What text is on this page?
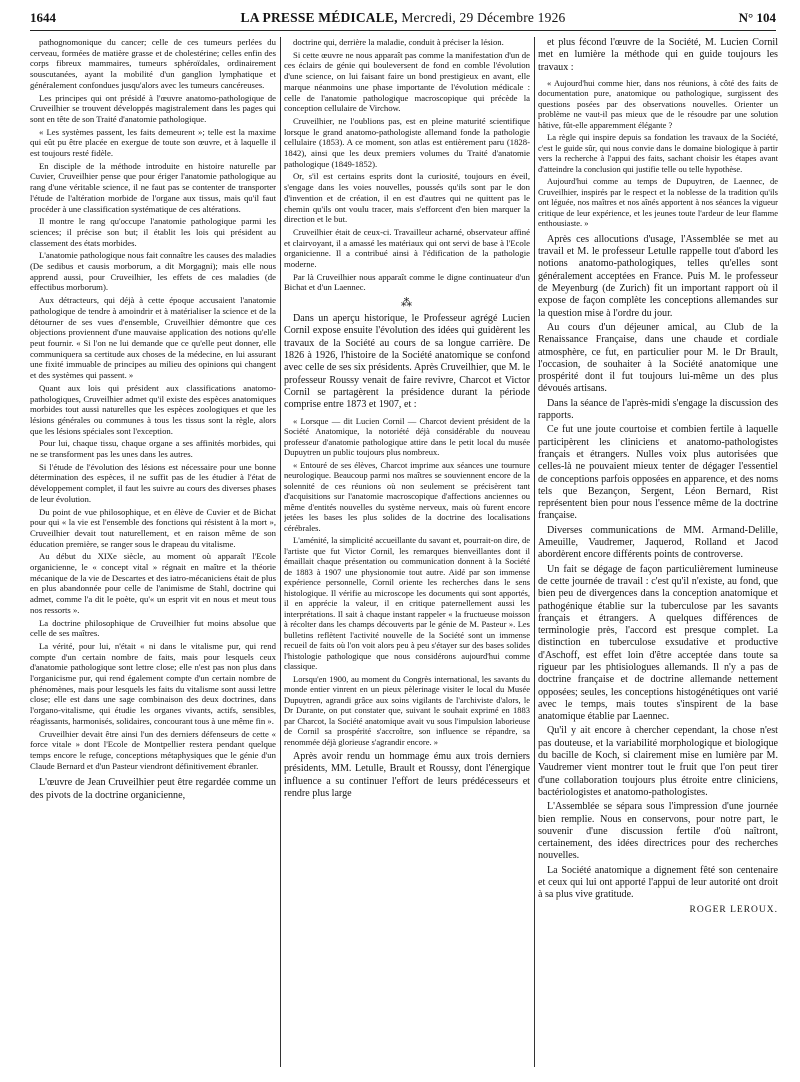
1644	LA PRESSE MÉDICALE, Mercredi, 29 Décembre 1926	N° 104

pathognomonique du cancer; celle de ces tumeurs perlées du cerveau, formées de matière grasse et de cholestérine; celles enfin des corps fibreux mammaires, tumeurs sphéroïdales, ordinairement souscutanées, ayant la mobilité d'un ganglion lymphatique et généralement confondues jusqu'alors avec les tumeurs cancéreuses.

Les principes qui ont présidé à l'œuvre anatomo-pathologique de Cruveilhier se trouvent développés magistralement dans les pages qui sont en tête de son Traité d'anatomie pathologique.

« Les systèmes passent, les faits demeurent »; telle est la maxime qui eût pu être placée en exergue de toute son œuvre, et à laquelle il est toujours resté fidèle.

En disciple de la méthode introduite en histoire naturelle par Cuvier, Cruveilhier pense que pour ériger l'anatomie pathologique au rang d'une véritable science, il ne faut pas se contenter de transporter l'étude de l'altération morbide de l'organe aux tissus, mais qu'il faut procéder à une classification systématique de ces altérations.

Il montre le rang qu'occupe l'anatomie pathologique parmi les sciences; il précise son but; il établit les lois qui président au classement des états morbides.

L'anatomie pathologique nous fait connaître les causes des maladies (De sedibus et causis morborum, a dit Morgagni); mais elle nous apprend aussi, pour Cruveilhier, les effets de ces maladies (de effectibus morborum).

Aux détracteurs, qui déjà à cette époque accusaient l'anatomie pathologique de tendre à amoindrir et à matérialiser la science et de la détourner de ses vues d'ensemble, Cruveilhier démontre que ces objections proviennent d'une mauvaise application des notions qu'elle peut fournir. « Si l'on ne lui demande que ce qu'elle peut donner, elle communiquera sa certitude aux choses de la médecine, en lui assurant une fixité immuable de principes au milieu des opinions qui changent et des systèmes qui passent. »

Quant aux lois qui président aux classifications anatomo-pathologiques, Cruveilhier admet qu'il existe des espèces anatomiques morbides tout aussi naturelles que les espèces zoologiques et que les lésions générales ou communes à tous les tissus sont la règle, alors que les lésions spéciales sont l'exception.

Pour lui, chaque tissu, chaque organe a ses affinités morbides, qui ne se transforment pas les unes dans les autres.

Si l'étude de l'évolution des lésions est nécessaire pour une bonne détermination des espèces, il ne suffit pas de les étudier à l'état de développement complet, il faut les suivre au cours des diverses phases de leur évolution.

Du point de vue philosophique, et en élève de Cuvier et de Bichat pour qui « la vie est l'ensemble des fonctions qui résistent à la mort », Cruveilhier devait tout naturellement, et en raison même de son éducation première, se ranger sous le drapeau du vitalisme.

Au début du XIXe siècle, au moment où apparaît l'Ecole organicienne, le « concept vital » régnait en maître et la théorie mécanique de la vie de Descartes et des iatro-mécaniciens était de plus en plus abandonnée pour celle de l'animisme de Stahl, doctrine qui admet, comme l'a dit le poète, qu'« un esprit vit en nous et meut tous nos ressorts ».

La doctrine philosophique de Cruveilhier fut moins absolue que celle de ses maîtres.

La vérité, pour lui, n'était « ni dans le vitalisme pur, qui rend compte d'un certain nombre de faits, mais pour lesquels ceux d'anatomie pathologique sont lettre close; elle n'est pas non plus dans l'organicisme pur, qui rend également compte d'un certain nombre de phénomènes, mais pour lesquels les faits du vitalisme sont aussi lettre close; elle est dans une sage combinaison des deux doctrines, dans l'organo-vitalisme, qui étudie les organes vivants, actifs, sensibles, réagissants, harmonisés, solidaires, concourant tous à une même fin ».

Cruveilhier devait être ainsi l'un des derniers défenseurs de cette « force vitale » dont l'Ecole de Montpellier restera pendant quelque temps encore le refuge, conceptions métaphysiques que le génie d'un Claude Bernard et d'un Pasteur viendront définitivement ébranler.

L'œuvre de Jean Cruveilhier peut être regardée comme un des pivots de la doctrine organicienne,

doctrine qui, derrière la maladie, conduit à préciser la lésion.

Si cette œuvre ne nous apparaît pas comme la manifestation d'un de ces éclairs de génie qui bouleversent de fond en comble l'évolution d'une science, on lui faisant faire un bond prestigieux en avant, elle marque néanmoins une phase importante de l'évolution médicale : celle de l'anatomie pathologique macroscopique qui précède la conception cellulaire de Virchow.

Cruveilhier, ne l'oublions pas, est en pleine maturité scientifique lorsque le grand anatomo-pathologiste allemand fonde la pathologie cellulaire (1853). A ce moment, son atlas est entièrement paru (1828-1842), ainsi que les deux premiers volumes du Traité d'anatomie pathologique (1849-1852).

Or, s'il est certains esprits dont la curiosité, toujours en éveil, s'engage dans les voies nouvelles, poussés qu'ils sont par le don d'invention et de création, il en est d'autres qui ne quittent pas le chemin qu'ils ont voulu tracer, mais s'efforcent d'en bien marquer la direction et le but.

Cruveilhier était de ceux-ci. Travailleur acharné, observateur affiné et clairvoyant, il a amassé les matériaux qui ont servi de base à l'Ecole organicienne. Il a contribué ainsi à l'édification de la pathologie moderne.

Par là Cruveilhier nous apparaît comme le digne continuateur d'un Bichat et d'un Laennec.

⁂

Dans un aperçu historique, le Professeur agrégé Lucien Cornil expose ensuite l'évolution des idées qui guidèrent les travaux de la Société au cours de sa longue carrière. De 1826 à 1926, l'histoire de la Société anatomique se confond avec celle de ses six présidents. Après Cruveilhier, que M. le professeur Roussy venait de faire revivre, Charcot et Victor Cornil se partagèrent la présidence durant la période comprise entre 1873 et 1907, et :

« Lorsque — dit Lucien Cornil — Charcot devient président de la Société Anatomique, la notoriété déjà considérable du nouveau professeur d'anatomie pathologique attire dans le petit local du musée Dupuytren un public toujours plus nombreux.

« Entouré de ses élèves, Charcot imprime aux séances une tournure neurologique. Beaucoup parmi nos maîtres se souviennent encore de la solennité de ces réunions où non seulement se précisèrent tant d'acquisitions sur l'anatomie macroscopique d'affections anciennes ou même d'entités nouvelles du système nerveux, mais où furent encore jetées les bases les plus solides de la doctrine des localisations cérébrales.

L'aménité, la simplicité accueillante du savant et, pourrait-on dire, de l'artiste que fut Victor Cornil, les remarques bienveillantes dont il émaillait chaque présentation ou communication donnent à la Société de 1883 à 1907 une physionomie tout autre. Aidé par son immense expérience personnelle, Cornil oriente les recherches dans le sens histologique. Il vérifie au microscope les documents qui sont apportés, il en apprécie la valeur, il en critique paternellement aussi les interprétations. Il sait à chaque instant rappeler « la fructueuse moisson à récolter dans les champs découverts par le génie de M. Pasteur ». Les bulletins reflètent l'activité nouvelle de la Société sont un immense recueil de faits où l'on voit alors peu à peu s'étayer sur des bases solides l'histologie pathologique que nous considérons aujourd'hui comme classique.

Lorsqu'en 1900, au moment du Congrès international, les savants du monde entier vinrent en un pieux pèlerinage visiter le local du Musée Dupuytren, agrandi grâce aux soins vigilants de l'archiviste d'alors, le Dr Durante, on put constater que, suivant le souhait exprimé en 1883 par Charcot, la Société anatomique avait vu sous l'impulsion laborieuse de Cornil sa prospérité s'accroître, son influence se répandre, sa renommée déjà glorieuse s'agrandir encore. »

Après avoir rendu un hommage ému aux trois derniers présidents, MM. Letulle, Brault et Roussy, dont l'énergique influence a su continuer l'effort de leurs prédécesseurs et rendre plus large

et plus fécond l'œuvre de la Société, M. Lucien Cornil met en lumière la méthode qui en guide toujours les travaux :

« Aujourd'hui comme hier, dans nos réunions, à côté des faits de documentation pure, anatomique ou pathologique, surgissent des questions posées par des observations nouvelles. Orienter un problème ne vaut-il pas mieux que de le résoudre par une solution hâtive, fût-elle apparemment élégante ?

La règle qui inspire depuis sa fondation les travaux de la Société, c'est le guide sûr, qui nous convie dans le domaine biologique à partir vers la recherche à l'appui des faits, sachant choisir les étapes avant d'atteindre la conclusion qui justifie telle ou telle hypothèse.

Aujourd'hui comme au temps de Dupuytren, de Laennec, de Cruveilhier, inspirés par le respect et la noblesse de la tradition qu'ils ont léguée, nos maîtres et nos aînés apportent à nos séances la vigueur critique de leur expérience, et les jeunes toute l'ardeur de leur flamme enthousiaste. »

Après ces allocutions d'usage, l'Assemblée se met au travail et M. le professeur Letulle rappelle tout d'abord les notions anatomo-pathologiques, telles qu'elles sont généralement acceptées en France. Puis M. le professeur de Meyenburg (de Zurich) fit un important rapport où il expose de façon complète les conceptions allemandes sur la question mise à l'ordre du jour.

Au cours d'un déjeuner amical, au Club de la Renaissance Française, dans une chaude et cordiale atmosphère, ce fut, en particulier pour M. le Dr Brault, l'occasion, de souhaiter à la Société anatomique une prospérité dont il fut toujours lui-même un des plus dévoués artisans.

Dans la séance de l'après-midi s'engage la discussion des rapports.

Ce fut une joute courtoise et combien fertile à laquelle participèrent les cliniciens et anatomo-pathologistes français et étrangers. Nulles voix plus autorisées que celles-là ne pouvaient mieux tenter de dégager l'essentiel de conceptions parfois opposées en apparence, et des noms tels que Bezançon, Sergent, Léon Bernard, Rist représentent bien pour nous l'essence même de la doctrine française.

Diverses communications de MM. Armand-Delille, Ameuille, Vaudremer, Jaquerod, Rolland et Jacod abordèrent encore différents points de controverse.

Un fait se dégage de façon particulièrement lumineuse de cette journée de travail : c'est qu'il n'existe, au fond, que bien peu de divergences dans la conception anatomique et pathogénique établie sur la tuberculose par les savants français et étrangers. A quelques différences de terminologie près, l'accord est presque complet. La distinction en tuberculose exsudative et productive d'Aschoff, est effet loin d'être acceptée dans toute sa rigueur par les phtisiologues allemands. Il n'y a pas de doctrine française et de doctrine allemande nettement opposées; seules, les conceptions histogénétiques ont varié avec le temps, mais toutes s'inspirent de la base anatomique établie par Laennec.

Qu'il y ait encore à chercher cependant, la chose n'est pas douteuse, et la variabilité morphologique et biologique du bacille de Koch, si clairement mise en lumière par M. Vaudremer vient montrer tout le fruit que l'on peut tirer d'une collaboration toujours plus étroite entre cliniciens, bactériologistes et anatomo-pathologistes.

L'Assemblée se sépara sous l'impression d'une journée bien remplie. Nous en conservons, pour notre part, le souvenir d'une discussion fertile d'où naîtront, certainement, des idées directrices pour des recherches nouvelles.

La Société anatomique a dignement fêté son centenaire et ceux qui lui ont apporté l'appui de leur autorité ont droit à sa plus vive gratitude.

ROGER LEROUX.
